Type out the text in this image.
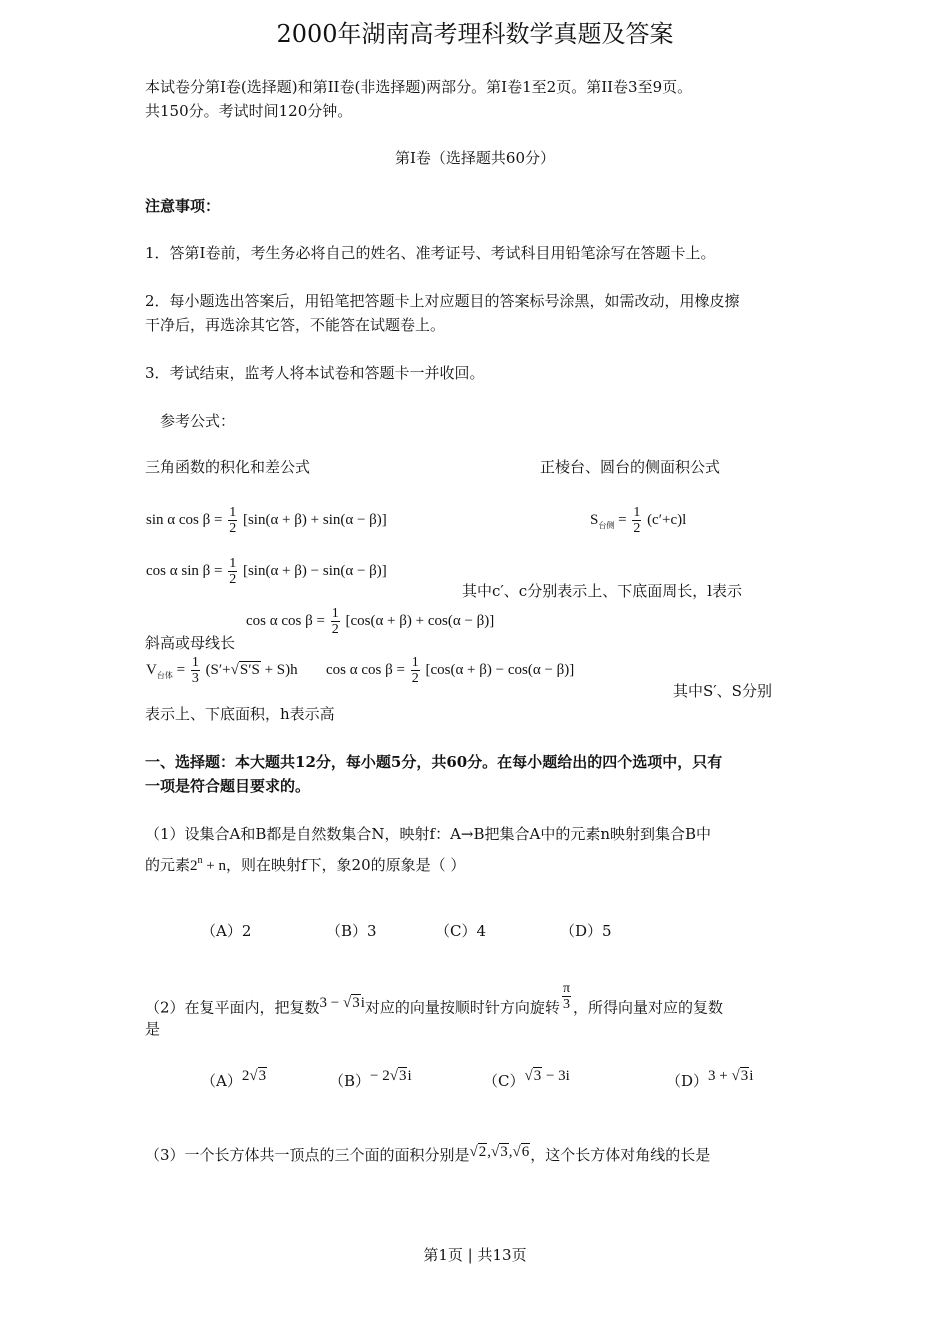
2000年湖南高考理科数学真题及答案
本试卷分第Ⅰ卷(选择题)和第II卷(非选择题)两部分。第Ⅰ卷1至2页。第II卷3至9页。
共150分。考试时间120分钟。
第Ⅰ卷（选择题共60分）
注意事项：
1．答第Ⅰ卷前，考生务必将自己的姓名、准考证号、考试科目用铅笔涂写在答题卡上。
2．每小题选出答案后，用铅笔把答题卡上对应题目的答案标号涂黑，如需改动，用橡皮擦
干净后，再选涂其它答，不能答在试题卷上。
3．考试结束，监考人将本试卷和答题卡一并收回。
参考公式：
三角函数的积化和差公式	正棱台、圆台的侧面积公式
sin α $\cos \beta = \frac{1}{2} [\sin(\alpha + \beta) + \sin(\alpha - \beta)]$	$S_{台侧} = \frac{1}{2} (c'+c)l$
cos α $\sin \beta = \frac{1}{2} [\sin(\alpha + \beta) - \sin(\alpha - \beta)]$
其中c′、c分别表示上、下底面周长，l表示
cos α $\cos \beta = \frac{1}{2} [\cos(\alpha + \beta) + \cos(\alpha - \beta)]$
斜高或母线长
$V_{台体} = \frac{1}{3} (S'+√S'S + S)h$ cos α $\cos \beta = \frac{1}{2} [\cos(\alpha + \beta) - \cos(\alpha - \beta)]$
其中S′、S分别
表示上、下底面积，h表示高
一、选择题：本大题共12分，每小题5分，共60分。在每小题给出的四个选项中，只有
一项是符合题目要求的。
（1）设集合A和B都是自然数集合N，映射f：A→B把集合A中的元素n映射到集合B中
的元素$2^n + n$，则在映射f下，象20的原象是（ ）
（A）2	（B）3	（C）4	（D）5
（2）在复平面内，把复数3 − √3i对应的向量按顺时针方向旋转 $\frac{\pi}{3}$ ，所得向量对应的复数
是
（A）2√3	（B）− 2√3i	（C）√3 − 3i	（D）3 + √3i
（3）一个长方体共一顶点的三个面的面积分别是√2,√3,√6，这个长方体对角线的长是
第1页 | 共13页
